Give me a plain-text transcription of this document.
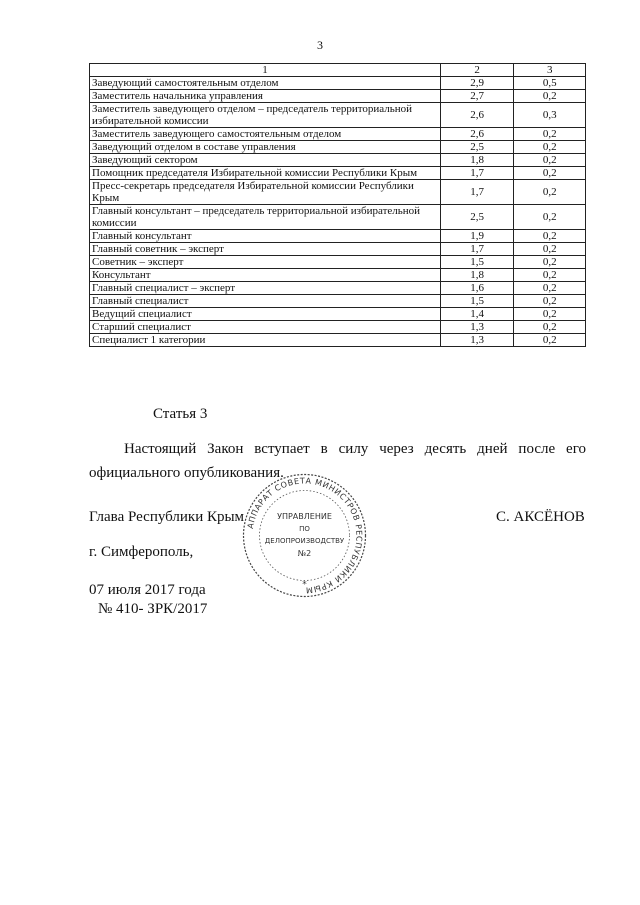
3
1	2	3
Заведующий самостоятельным отделом	2,9	0,5
Заместитель начальника управления	2,7	0,2
Заместитель заведующего отделом – председатель территориальной избирательной комиссии	2,6	0,3
Заместитель заведующего самостоятельным отделом	2,6	0,2
Заведующий отделом в составе управления	2,5	0,2
Заведующий сектором	1,8	0,2
Помощник председателя Избирательной комиссии Республики Крым	1,7	0,2
Пресс-секретарь председателя Избирательной комиссии Республики Крым	1,7	0,2
Главный консультант – председатель территориальной избирательной комиссии	2,5	0,2
Главный консультант	1,9	0,2
Главный советник – эксперт	1,7	0,2
Советник – эксперт	1,5	0,2
Консультант	1,8	0,2
Главный специалист – эксперт	1,6	0,2
Главный специалист	1,5	0,2
Ведущий специалист	1,4	0,2
Старший специалист	1,3	0,2
Специалист 1 категории	1,3	0,2
Статья 3
Настоящий Закон вступает в силу через десять дней после его официального опубликования.
Глава Республики Крым	С. АКСЁНОВ
г. Симферополь,
07 июля 2017 года
№ 410- ЗРК/2017
АППАРАТ СОВЕТА МИНИСТРОВ РЕСПУБЛИКИ КРЫМ
УПРАВЛЕНИЕ
ПО
ДЕЛОПРОИЗВОДСТВУ
№2
*
